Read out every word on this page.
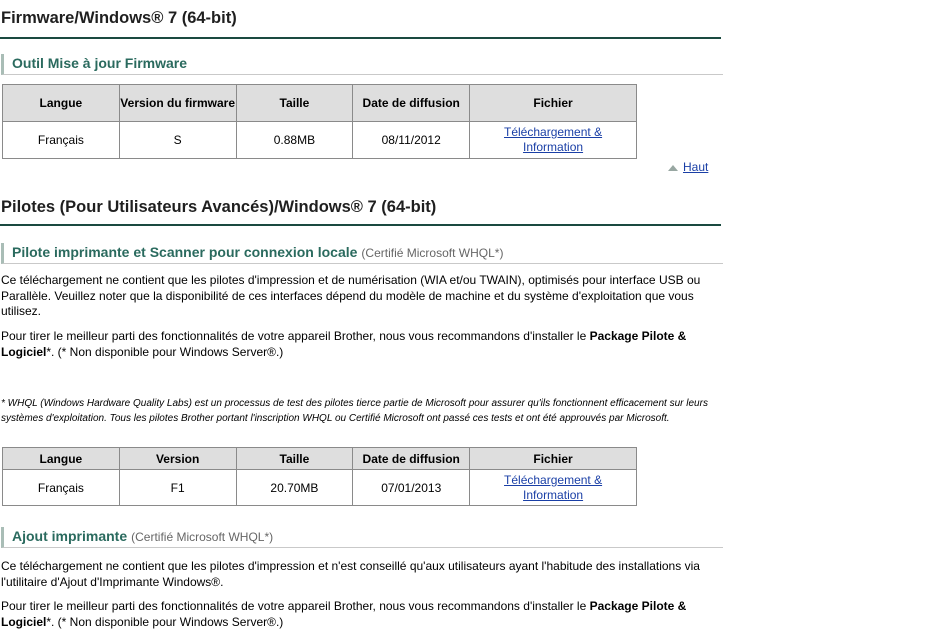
Firmware/Windows® 7 (64-bit)
Outil Mise à jour Firmware
Langue	Version du firmware	Taille	Date de diffusion	Fichier
Français	S	0.88MB	08/11/2012	Téléchargement & Information
Haut
Pilotes (Pour Utilisateurs Avancés)/Windows® 7 (64-bit)
Pilote imprimante et Scanner pour connexion locale (Certifié Microsoft WHQL*)
Ce téléchargement ne contient que les pilotes d'impression et de numérisation (WIA et/ou TWAIN), optimisés pour interface USB ou Parallèle. Veuillez noter que la disponibilité de ces interfaces dépend du modèle de machine et du système d'exploitation que vous utilisez.
Pour tirer le meilleur parti des fonctionnalités de votre appareil Brother, nous vous recommandons d'installer le Package Pilote & Logiciel*. (* Non disponible pour Windows Server®.)
* WHQL (Windows Hardware Quality Labs) est un processus de test des pilotes tierce partie de Microsoft pour assurer qu'ils fonctionnent efficacement sur leurs systèmes d'exploitation. Tous les pilotes Brother portant l'inscription WHQL ou Certifié Microsoft ont passé ces tests et ont été approuvés par Microsoft.
Langue	Version	Taille	Date de diffusion	Fichier
Français	F1	20.70MB	07/01/2013	Téléchargement & Information
Ajout imprimante (Certifié Microsoft WHQL*)
Ce téléchargement ne contient que les pilotes d'impression et n'est conseillé qu'aux utilisateurs ayant l'habitude des installations via l'utilitaire d'Ajout d'Imprimante Windows®.
Pour tirer le meilleur parti des fonctionnalités de votre appareil Brother, nous vous recommandons d'installer le Package Pilote & Logiciel*. (* Non disponible pour Windows Server®.)
